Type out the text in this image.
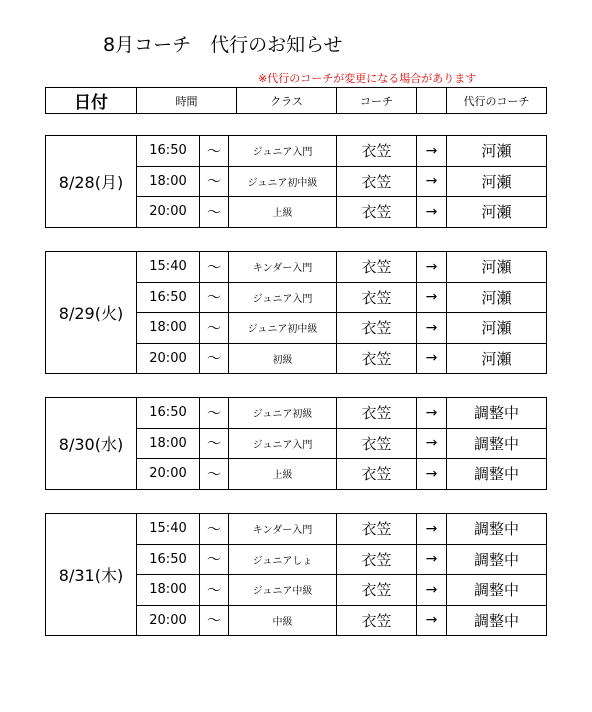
8月コーチ　代行のお知らせ
※代行のコーチが変更になる場合があります
日付	時間	クラス	コーチ		代行のコーチ
8/28(月)	16:50	～	ジュニア入門	衣笠	→	河瀬
	18:00	～	ジュニア初中級	衣笠	→	河瀬
	20:00	～	上級	衣笠	→	河瀬
8/29(火)	15:40	～	キンダー入門	衣笠	→	河瀬
	16:50	～	ジュニア入門	衣笠	→	河瀬
	18:00	～	ジュニア初中級	衣笠	→	河瀬
	20:00	～	初級	衣笠	→	河瀬
8/30(水)	16:50	～	ジュニア初級	衣笠	→	調整中
	18:00	～	ジュニア入門	衣笠	→	調整中
	20:00	～	上級	衣笠	→	調整中
8/31(木)	15:40	～	キンダー入門	衣笠	→	調整中
	16:50	～	ジュニアしょ	衣笠	→	調整中
	18:00	～	ジュニア中級	衣笠	→	調整中
	20:00	～	中級	衣笠	→	調整中
